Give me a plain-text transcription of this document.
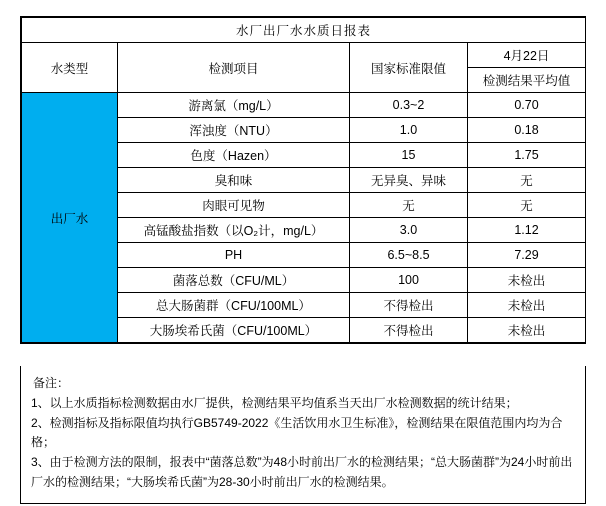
水厂出厂水水质日报表			
水类型	检测项目	国家标准限值	4月22日
			检测结果平均值
出厂水	游离氯（mg/L）	0.3~2	0.70
	浑浊度（NTU）	1.0	0.18
	色度（Hazen）	15	1.75
	臭和味	无异臭、异味	无
	肉眼可见物	无	无
	高锰酸盐指数（以O₂计，mg/L）	3.0	1.12
	PH	6.5~8.5	7.29
	菌落总数（CFU/ML）	100	未检出
	总大肠菌群（CFU/100ML）	不得检出	未检出
	大肠埃希氏菌（CFU/100ML）	不得检出	未检出

备注：

1、以上水质指标检测数据由水厂提供，检测结果平均值系当天出厂水检测数据的统计结果；

2、检测指标及指标限值均执行GB5749-2022《生活饮用水卫生标准》，检测结果在限值范围内均为合格；

3、由于检测方法的限制，报表中“菌落总数”为48小时前出厂水的检测结果；“总大肠菌群”为24小时前出厂水的检测结果；“大肠埃希氏菌”为28-30小时前出厂水的检测结果。
